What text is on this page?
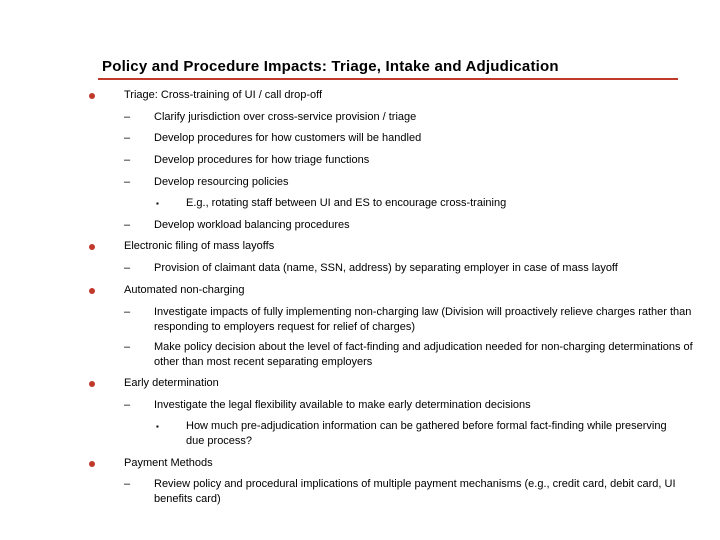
Policy and Procedure Impacts: Triage, Intake and Adjudication
Triage: Cross-training of UI / call drop-off
– Clarify jurisdiction over cross-service provision / triage
– Develop procedures for how customers will be handled
– Develop procedures for how triage functions
– Develop resourcing policies
▪ E.g., rotating staff between UI and ES to encourage cross-training
– Develop workload balancing procedures
Electronic filing of mass layoffs
– Provision of claimant data (name, SSN, address) by separating employer in case of mass layoff
Automated non-charging
– Investigate impacts of fully implementing non-charging law (Division will proactively relieve charges rather than responding to employers request for relief of charges)
– Make policy decision about the level of fact-finding and adjudication needed for non-charging determinations of other than most recent separating employers
Early determination
– Investigate the legal flexibility available to make early determination decisions
▪ How much pre-adjudication information can be gathered before formal fact-finding while preserving due process?
Payment Methods
– Review policy and procedural implications of multiple payment mechanisms (e.g., credit card, debit card, UI benefits card)
